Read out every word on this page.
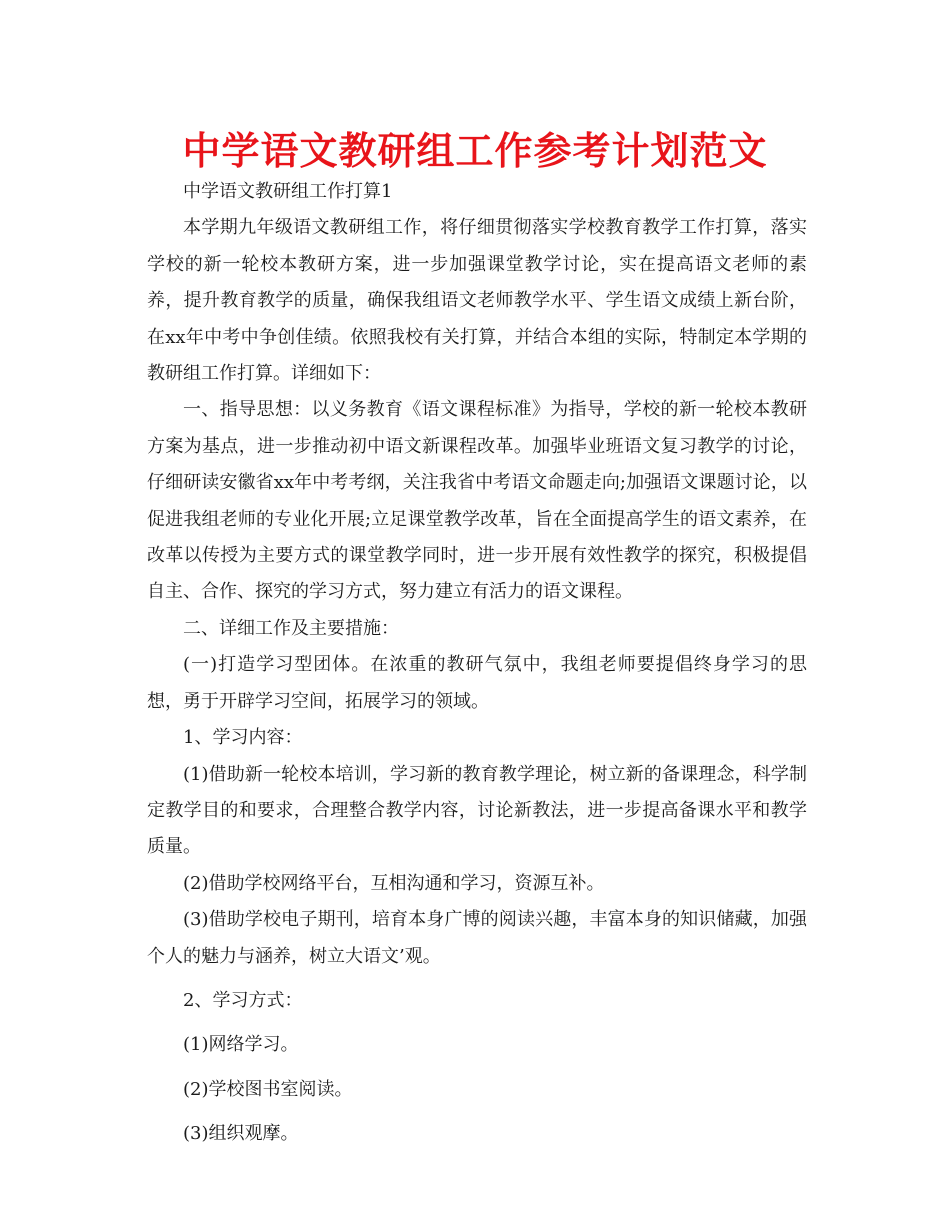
中学语文教研组工作参考计划范文

中学语文教研组工作打算1

本学期九年级语文教研组工作，将仔细贯彻落实学校教育教学工作打算，落实学校的新一轮校本教研方案，进一步加强课堂教学讨论，实在提高语文老师的素养，提升教育教学的质量，确保我组语文老师教学水平、学生语文成绩上新台阶，在xx年中考中争创佳绩。依照我校有关打算，并结合本组的实际，特制定本学期的教研组工作打算。详细如下：

一、指导思想：以义务教育《语文课程标准》为指导，学校的新一轮校本教研方案为基点，进一步推动初中语文新课程改革。加强毕业班语文复习教学的讨论，仔细研读安徽省xx年中考考纲，关注我省中考语文命题走向;加强语文课题讨论，以促进我组老师的专业化开展;立足课堂教学改革，旨在全面提高学生的语文素养，在改革以传授为主要方式的课堂教学同时，进一步开展有效性教学的探究，积极提倡自主、合作、探究的学习方式，努力建立有活力的语文课程。

二、详细工作及主要措施：

(一)打造学习型团体。在浓重的教研气氛中，我组老师要提倡终身学习的思想，勇于开辟学习空间，拓展学习的领域。

1、学习内容：

(1)借助新一轮校本培训，学习新的教育教学理论，树立新的备课理念，科学制定教学目的和要求，合理整合教学内容，讨论新教法，进一步提高备课水平和教学质量。

(2)借助学校网络平台，互相沟通和学习，资源互补。

(3)借助学校电子期刊，培育本身广博的阅读兴趣，丰富本身的知识储藏，加强个人的魅力与涵养，树立大语文’观。

2、学习方式：

(1)网络学习。

(2)学校图书室阅读。

(3)组织观摩。
